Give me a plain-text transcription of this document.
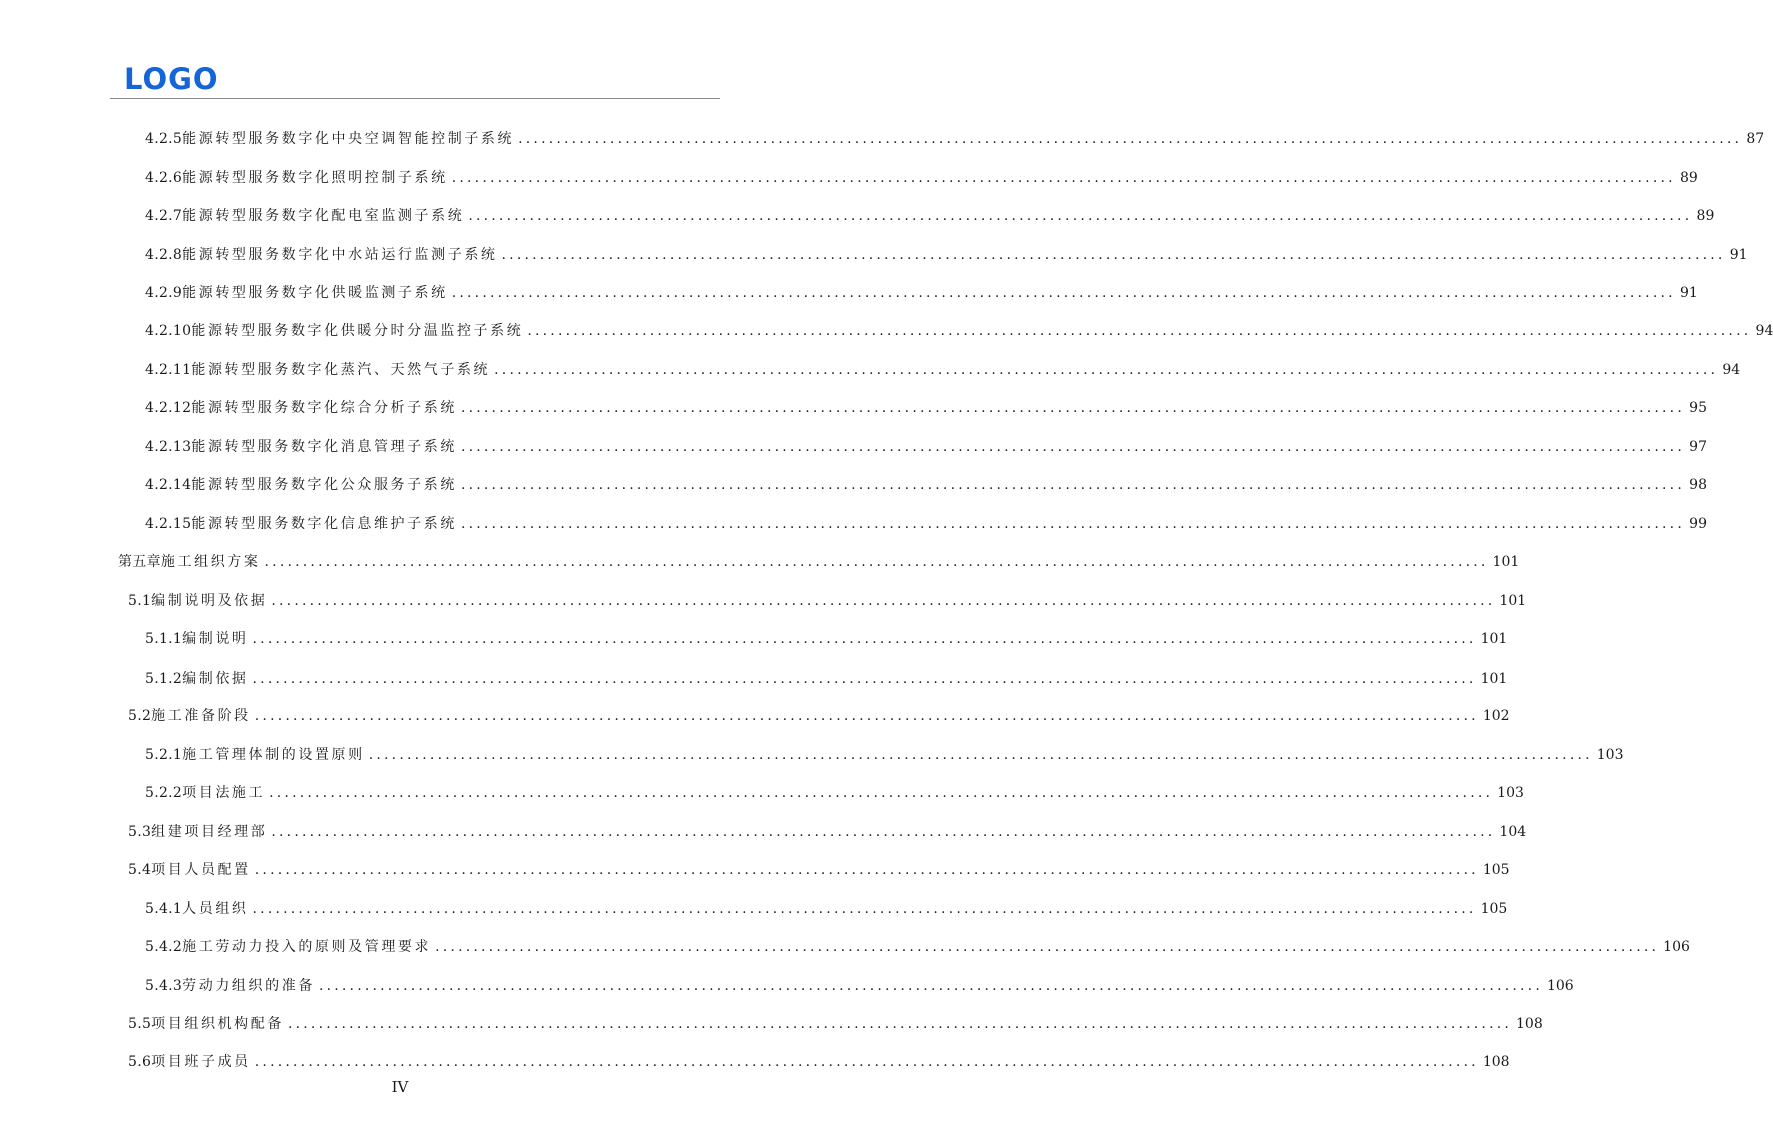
LOGO
4.2.5 能源转型服务数字化中央空调智能控制子系统 ................................................................................................................................................................ 87
4.2.6 能源转型服务数字化照明控制子系统 ................................................................................................................................................................ 89
4.2.7 能源转型服务数字化配电室监测子系统 ................................................................................................................................................................ 89
4.2.8 能源转型服务数字化中水站运行监测子系统 ................................................................................................................................................................ 91
4.2.9 能源转型服务数字化供暖监测子系统 ................................................................................................................................................................ 91
4.2.10 能源转型服务数字化供暖分时分温监控子系统 ................................................................................................................................................................ 94
4.2.11 能源转型服务数字化蒸汽、天然气子系统 ................................................................................................................................................................ 94
4.2.12 能源转型服务数字化综合分析子系统 ................................................................................................................................................................ 95
4.2.13 能源转型服务数字化消息管理子系统 ................................................................................................................................................................ 97
4.2.14 能源转型服务数字化公众服务子系统 ................................................................................................................................................................ 98
4.2.15 能源转型服务数字化信息维护子系统 ................................................................................................................................................................ 99
第五章 施工组织方案 ................................................................................................................................................................ 101
5.1 编制说明及依据 ................................................................................................................................................................ 101
5.1.1 编制说明 ................................................................................................................................................................ 101
5.1.2 编制依据 ................................................................................................................................................................ 101
5.2 施工准备阶段 ................................................................................................................................................................ 102
5.2.1 施工管理体制的设置原则 ................................................................................................................................................................ 103
5.2.2 项目法施工 ................................................................................................................................................................ 103
5.3 组建项目经理部 ................................................................................................................................................................ 104
5.4 项目人员配置 ................................................................................................................................................................ 105
5.4.1 人员组织 ................................................................................................................................................................ 105
5.4.2 施工劳动力投入的原则及管理要求 ................................................................................................................................................................ 106
5.4.3 劳动力组织的准备 ................................................................................................................................................................ 106
5.5 项目组织机构配备 ................................................................................................................................................................ 108
5.6 项目班子成员 ................................................................................................................................................................ 108
IV
